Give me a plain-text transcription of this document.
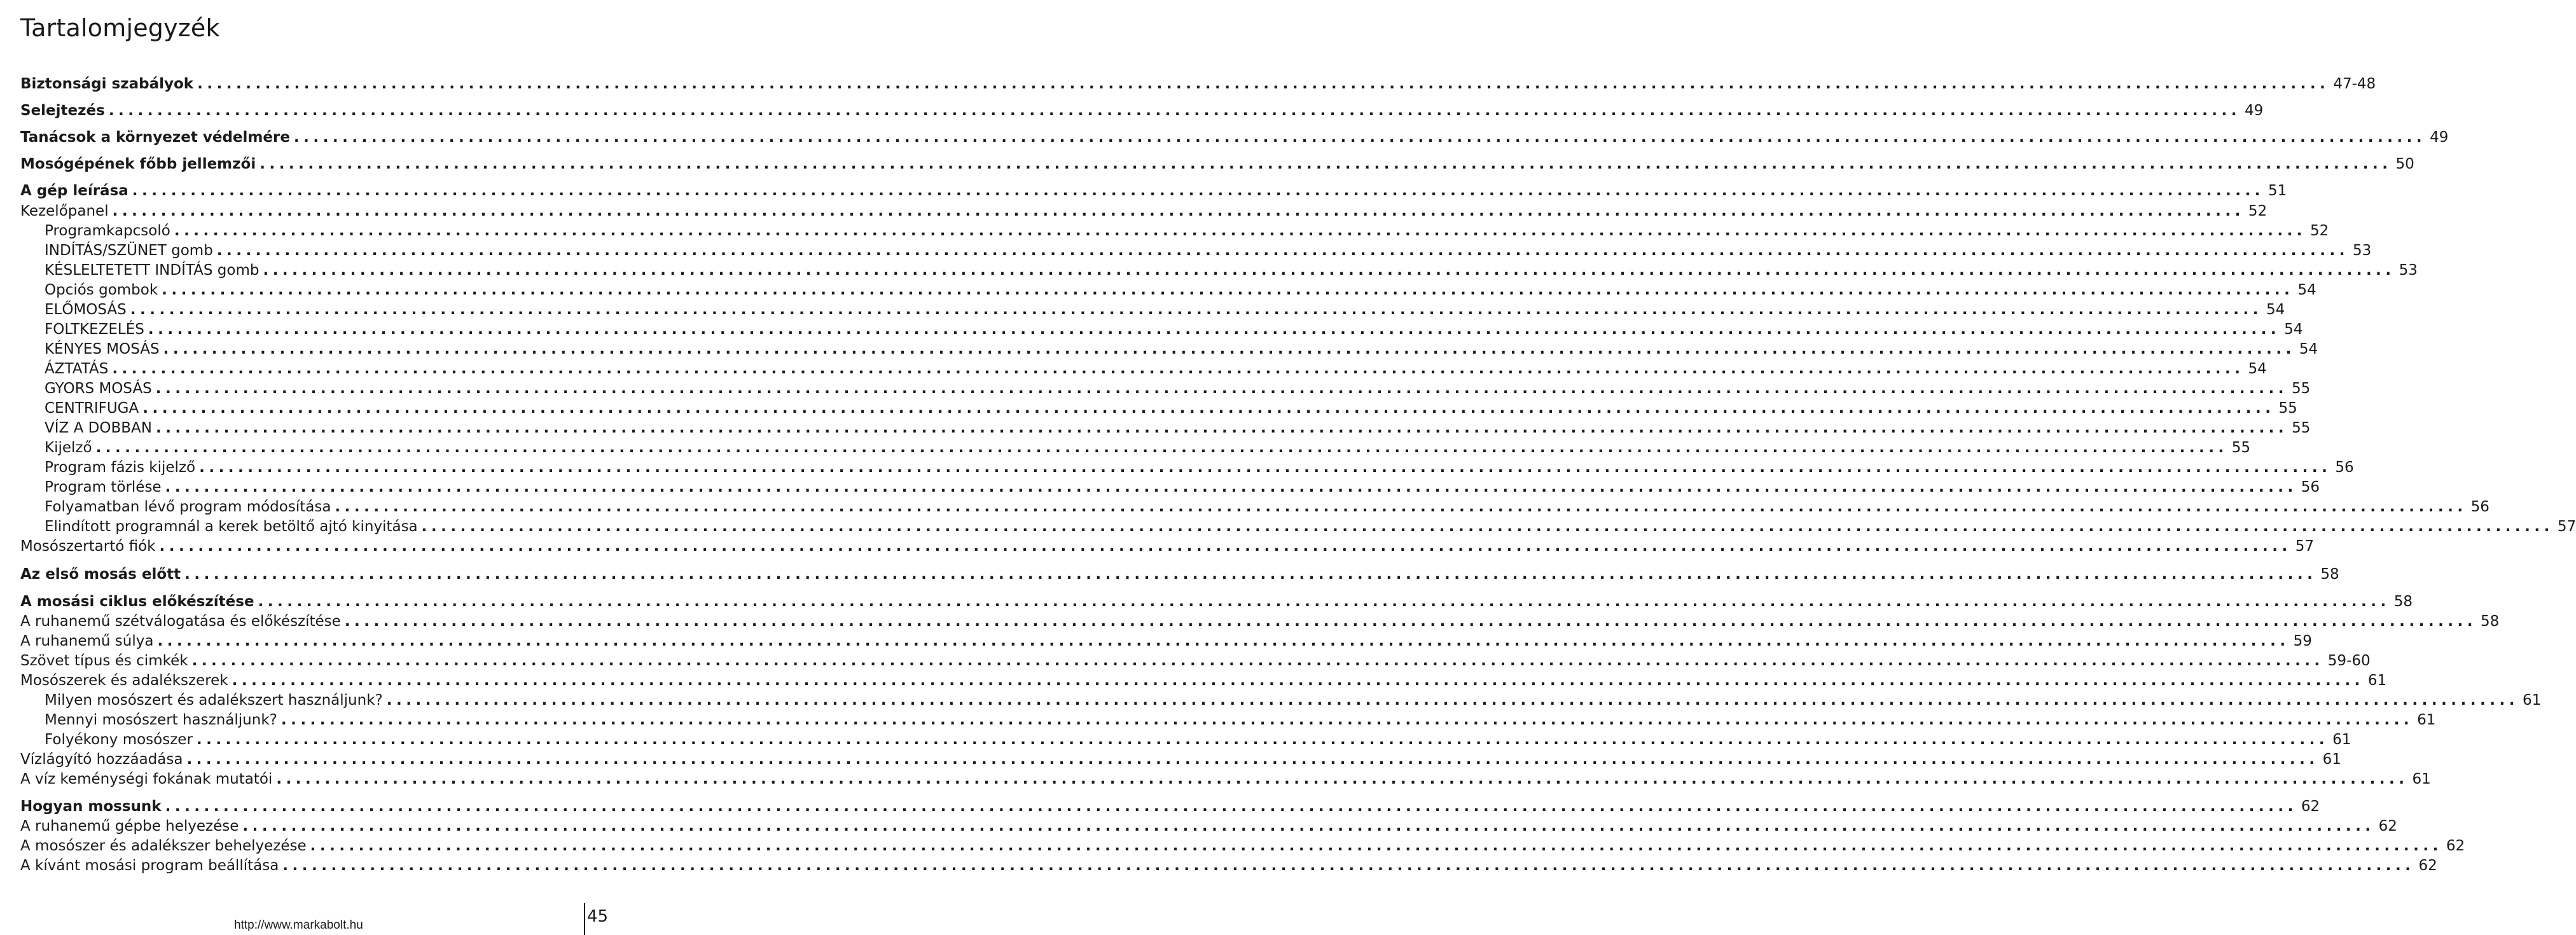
Tartalomjegyzék
Biztonsági szabályok ............................................................................................................................................................................................................................ 47-48
Selejtezés ............................................................................................................................................................................................................................ 49
Tanácsok a környezet védelmére ............................................................................................................................................................................................................................ 49
Mosógépének főbb jellemzői ............................................................................................................................................................................................................................ 50
A gép leírása ............................................................................................................................................................................................................................ 51
Kezelőpanel ............................................................................................................................................................................................................................ 52
Programkapcsoló ............................................................................................................................................................................................................................ 52
INDÍTÁS/SZÜNET gomb ............................................................................................................................................................................................................................ 53
KÉSLELTETETT INDÍTÁS gomb ............................................................................................................................................................................................................................ 53
Opciós gombok ............................................................................................................................................................................................................................ 54
ELŐMOSÁS ............................................................................................................................................................................................................................ 54
FOLTKEZELÉS ............................................................................................................................................................................................................................ 54
KÉNYES MOSÁS ............................................................................................................................................................................................................................ 54
ÁZTATÁS ............................................................................................................................................................................................................................ 54
GYORS MOSÁS ............................................................................................................................................................................................................................ 55
CENTRIFUGA ............................................................................................................................................................................................................................ 55
VÍZ A DOBBAN ............................................................................................................................................................................................................................ 55
Kijelző ............................................................................................................................................................................................................................ 55
Program fázis kijelző ............................................................................................................................................................................................................................ 56
Program törlése ............................................................................................................................................................................................................................ 56
Folyamatban lévő program módosítása ............................................................................................................................................................................................................................ 56
Elindított programnál a kerek betöltő ajtó kinyitása ............................................................................................................................................................................................................................ 57
Mosószertartó fiók ............................................................................................................................................................................................................................ 57
Az első mosás előtt ............................................................................................................................................................................................................................ 58
A mosási ciklus előkészítése ............................................................................................................................................................................................................................ 58
A ruhanemű szétválogatása és előkészítése ............................................................................................................................................................................................................................ 58
A ruhanemű súlya ............................................................................................................................................................................................................................ 59
Szövet típus és cimkék ............................................................................................................................................................................................................................ 59-60
Mosószerek és adalékszerek ............................................................................................................................................................................................................................ 61
Milyen mosószert és adalékszert használjunk? ............................................................................................................................................................................................................................ 61
Mennyi mosószert használjunk? ............................................................................................................................................................................................................................ 61
Folyékony mosószer ............................................................................................................................................................................................................................ 61
Vízlágyító hozzáadása ............................................................................................................................................................................................................................ 61
A víz keménységi fokának mutatói ............................................................................................................................................................................................................................ 61
Hogyan mossunk ............................................................................................................................................................................................................................ 62
A ruhanemű gépbe helyezése ............................................................................................................................................................................................................................ 62
A mosószer és adalékszer behelyezése ............................................................................................................................................................................................................................ 62
A kívánt mosási program beállítása ............................................................................................................................................................................................................................ 62
http://www.markabolt.hu	45
